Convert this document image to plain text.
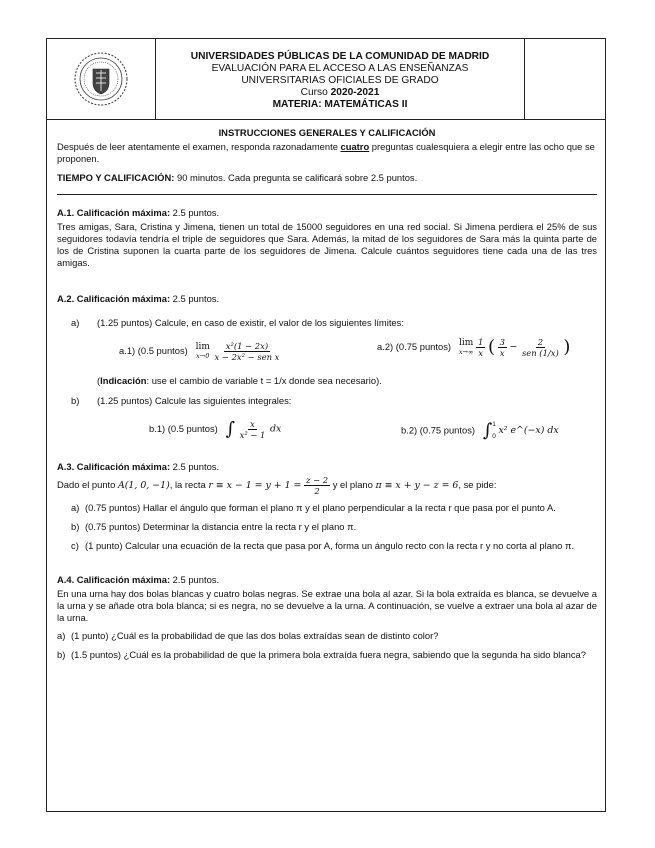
UNIVERSIDADES PÚBLICAS DE LA COMUNIDAD DE MADRID

EVALUACIÓN PARA EL ACCESO A LAS ENSEÑANZAS

UNIVERSITARIAS OFICIALES DE GRADO

Curso 2020-2021

MATERIA: MATEMÁTICAS II

INSTRUCCIONES GENERALES Y CALIFICACIÓN

Después de leer atentamente el examen, responda razonadamente cuatro preguntas cualesquiera a elegir entre las ocho que se proponen.

TIEMPO Y CALIFICACIÓN: 90 minutos. Cada pregunta se calificará sobre 2.5 puntos.

A.1. Calificación máxima: 2.5 puntos.

Tres amigas, Sara, Cristina y Jimena, tienen un total de 15000 seguidores en una red social. Si Jimena perdiera el 25% de sus seguidores todavía tendría el triple de seguidores que Sara. Además, la mitad de los seguidores de Sara más la quinta parte de los de Cristina suponen la cuarta parte de los seguidores de Jimena. Calcule cuántos seguidores tiene cada una de las tres amigas.

A.2. Calificación máxima: 2.5 puntos.

a)	(1.25 puntos) Calcule, en caso de existir, el valor de los siguientes límites:
a.1) (0.5 puntos) lim
x→0
$\frac{\text{x²(1 − 2x)}}{\text{x − 2x² − sen x}}$	a.2) (0.75 puntos) lim
x→∞
$\frac{1}{x}$ ( $\frac{3}{x} - \frac{2}{\text{sen (1/x)}}$ )

(Indicación: use el cambio de variable t = 1/x donde sea necesario).

b)	(1.25 puntos) Calcule las siguientes integrales:
b.1) (0.5 puntos) ∫ $\frac{x}{\text{x² − 1}}$ dx	b.2) (0.75 puntos) ∫ 1
0
x² e^(−x) dx

A.3. Calificación máxima: 2.5 puntos.

Dado el punto A(1, 0, −1), la recta $r \equiv x - 1 = y + 1 = \frac{z - 2}{2}$ y el plano π ≡ x + y − z = 6, se pide:

a) (0.75 puntos) Hallar el ángulo que forman el plano π y el plano perpendicular a la recta r que pasa por el punto A.
b) (0.75 puntos) Determinar la distancia entre la recta r y el plano π.
c) (1 punto) Calcular una ecuación de la recta que pasa por A, forma un ángulo recto con la recta r y no corta al plano π.

A.4. Calificación máxima: 2.5 puntos.

En una urna hay dos bolas blancas y cuatro bolas negras. Se extrae una bola al azar. Si la bola extraída es blanca, se devuelve a la urna y se añade otra bola blanca; si es negra, no se devuelve a la urna. A continuación, se vuelve a extraer una bola al azar de la urna.

a) (1 punto) ¿Cuál es la probabilidad de que las dos bolas extraídas sean de distinto color?
b) (1.5 puntos) ¿Cuál es la probabilidad de que la primera bola extraída fuera negra, sabiendo que la segunda ha sido blanca?
